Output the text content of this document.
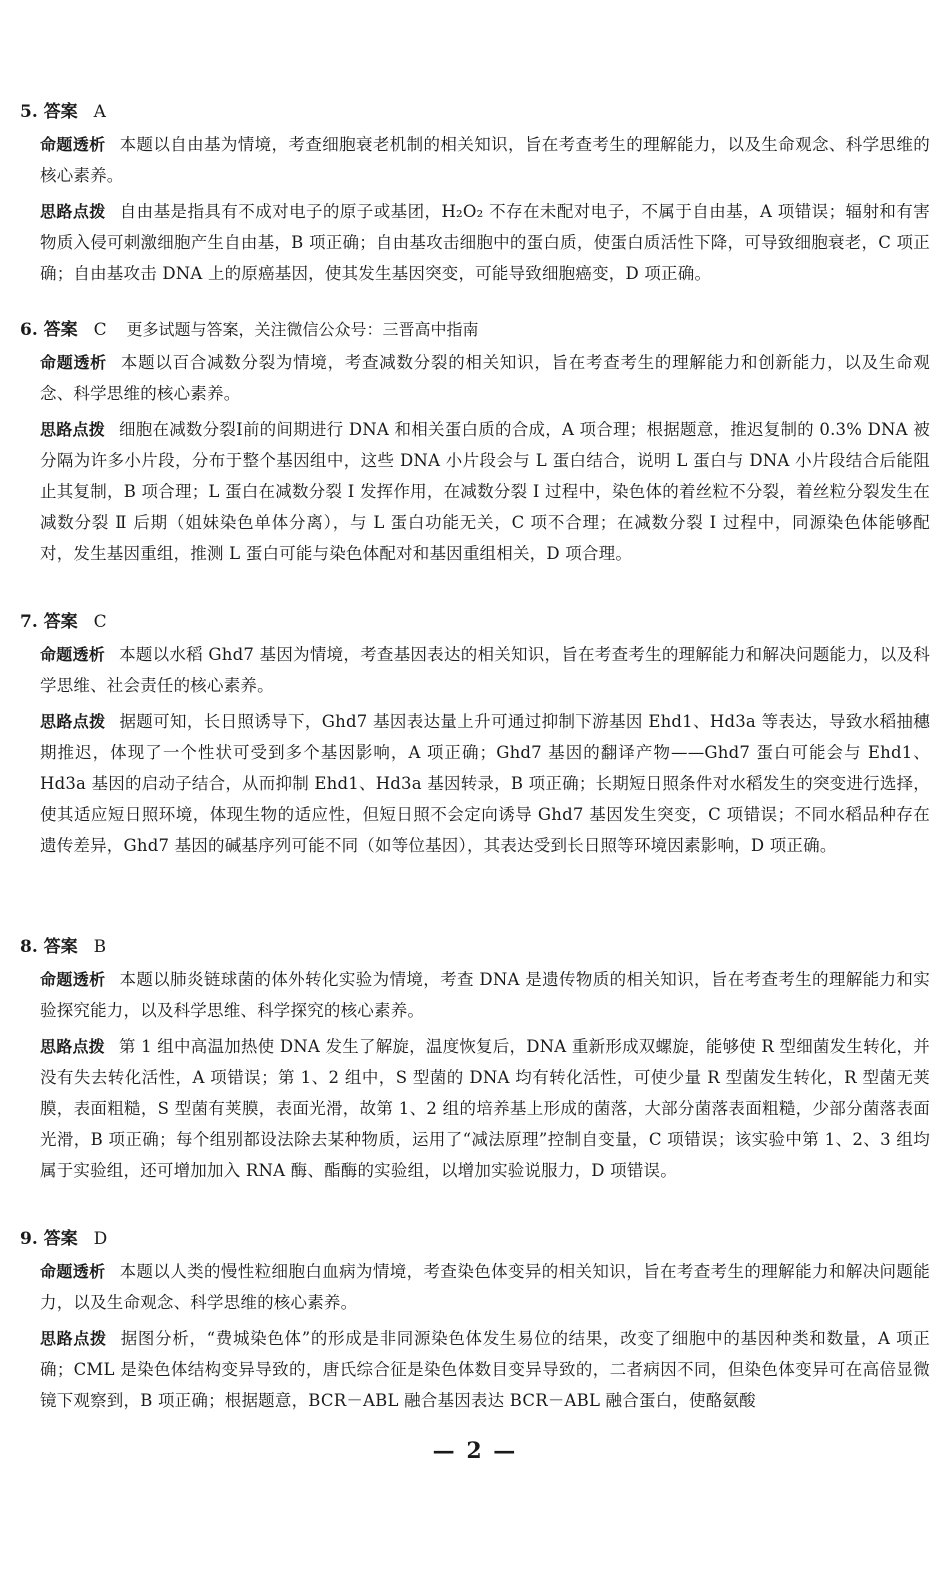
5. 答案 A
命题透析 本题以自由基为情境，考查细胞衰老机制的相关知识，旨在考查考生的理解能力，以及生命观念、科学思维的核心素养。
思路点拨 自由基是指具有不成对电子的原子或基团，H₂O₂ 不存在未配对电子，不属于自由基，A 项错误；辐射和有害物质入侵可刺激细胞产生自由基，B 项正确；自由基攻击细胞中的蛋白质，使蛋白质活性下降，可导致细胞衰老，C 项正确；自由基攻击 DNA 上的原癌基因，使其发生基因突变，可能导致细胞癌变，D 项正确。
6. 答案 C 更多试题与答案，关注微信公众号：三晋高中指南
命题透析 本题以百合减数分裂为情境，考查减数分裂的相关知识，旨在考查考生的理解能力和创新能力，以及生命观念、科学思维的核心素养。
思路点拨 细胞在减数分裂Ⅰ前的间期进行 DNA 和相关蛋白质的合成，A 项合理；根据题意，推迟复制的 0.3% DNA 被分隔为许多小片段，分布于整个基因组中，这些 DNA 小片段会与 L 蛋白结合，说明 L 蛋白与 DNA 小片段结合后能阻止其复制，B 项合理；L 蛋白在减数分裂 Ⅰ 发挥作用，在减数分裂 Ⅰ 过程中，染色体的着丝粒不分裂，着丝粒分裂发生在减数分裂 Ⅱ 后期（姐妹染色单体分离），与 L 蛋白功能无关，C 项不合理；在减数分裂 Ⅰ 过程中，同源染色体能够配对，发生基因重组，推测 L 蛋白可能与染色体配对和基因重组相关，D 项合理。
7. 答案 C
命题透析 本题以水稻 Ghd7 基因为情境，考查基因表达的相关知识，旨在考查考生的理解能力和解决问题能力，以及科学思维、社会责任的核心素养。
思路点拨 据题可知，长日照诱导下，Ghd7 基因表达量上升可通过抑制下游基因 Ehd1、Hd3a 等表达，导致水稻抽穗期推迟，体现了一个性状可受到多个基因影响，A 项正确；Ghd7 基因的翻译产物——Ghd7 蛋白可能会与 Ehd1、Hd3a 基因的启动子结合，从而抑制 Ehd1、Hd3a 基因转录，B 项正确；长期短日照条件对水稻发生的突变进行选择，使其适应短日照环境，体现生物的适应性，但短日照不会定向诱导 Ghd7 基因发生突变，C 项错误；不同水稻品种存在遗传差异，Ghd7 基因的碱基序列可能不同（如等位基因），其表达受到长日照等环境因素影响，D 项正确。
8. 答案 B
命题透析 本题以肺炎链球菌的体外转化实验为情境，考查 DNA 是遗传物质的相关知识，旨在考查考生的理解能力和实验探究能力，以及科学思维、科学探究的核心素养。
思路点拨 第 1 组中高温加热使 DNA 发生了解旋，温度恢复后，DNA 重新形成双螺旋，能够使 R 型细菌发生转化，并没有失去转化活性，A 项错误；第 1、2 组中，S 型菌的 DNA 均有转化活性，可使少量 R 型菌发生转化，R 型菌无荚膜，表面粗糙，S 型菌有荚膜，表面光滑，故第 1、2 组的培养基上形成的菌落，大部分菌落表面粗糙，少部分菌落表面光滑，B 项正确；每个组别都设法除去某种物质，运用了“减法原理”控制自变量，C 项错误；该实验中第 1、2、3 组均属于实验组，还可增加加入 RNA 酶、酯酶的实验组，以增加实验说服力，D 项错误。
9. 答案 D
命题透析 本题以人类的慢性粒细胞白血病为情境，考查染色体变异的相关知识，旨在考查考生的理解能力和解决问题能力，以及生命观念、科学思维的核心素养。
思路点拨 据图分析，“费城染色体”的形成是非同源染色体发生易位的结果，改变了细胞中的基因种类和数量，A 项正确；CML 是染色体结构变异导致的，唐氏综合征是染色体数目变异导致的，二者病因不同，但染色体变异可在高倍显微镜下观察到，B 项正确；根据题意，BCR－ABL 融合基因表达 BCR－ABL 融合蛋白，使酪氨酸
— 2 —
